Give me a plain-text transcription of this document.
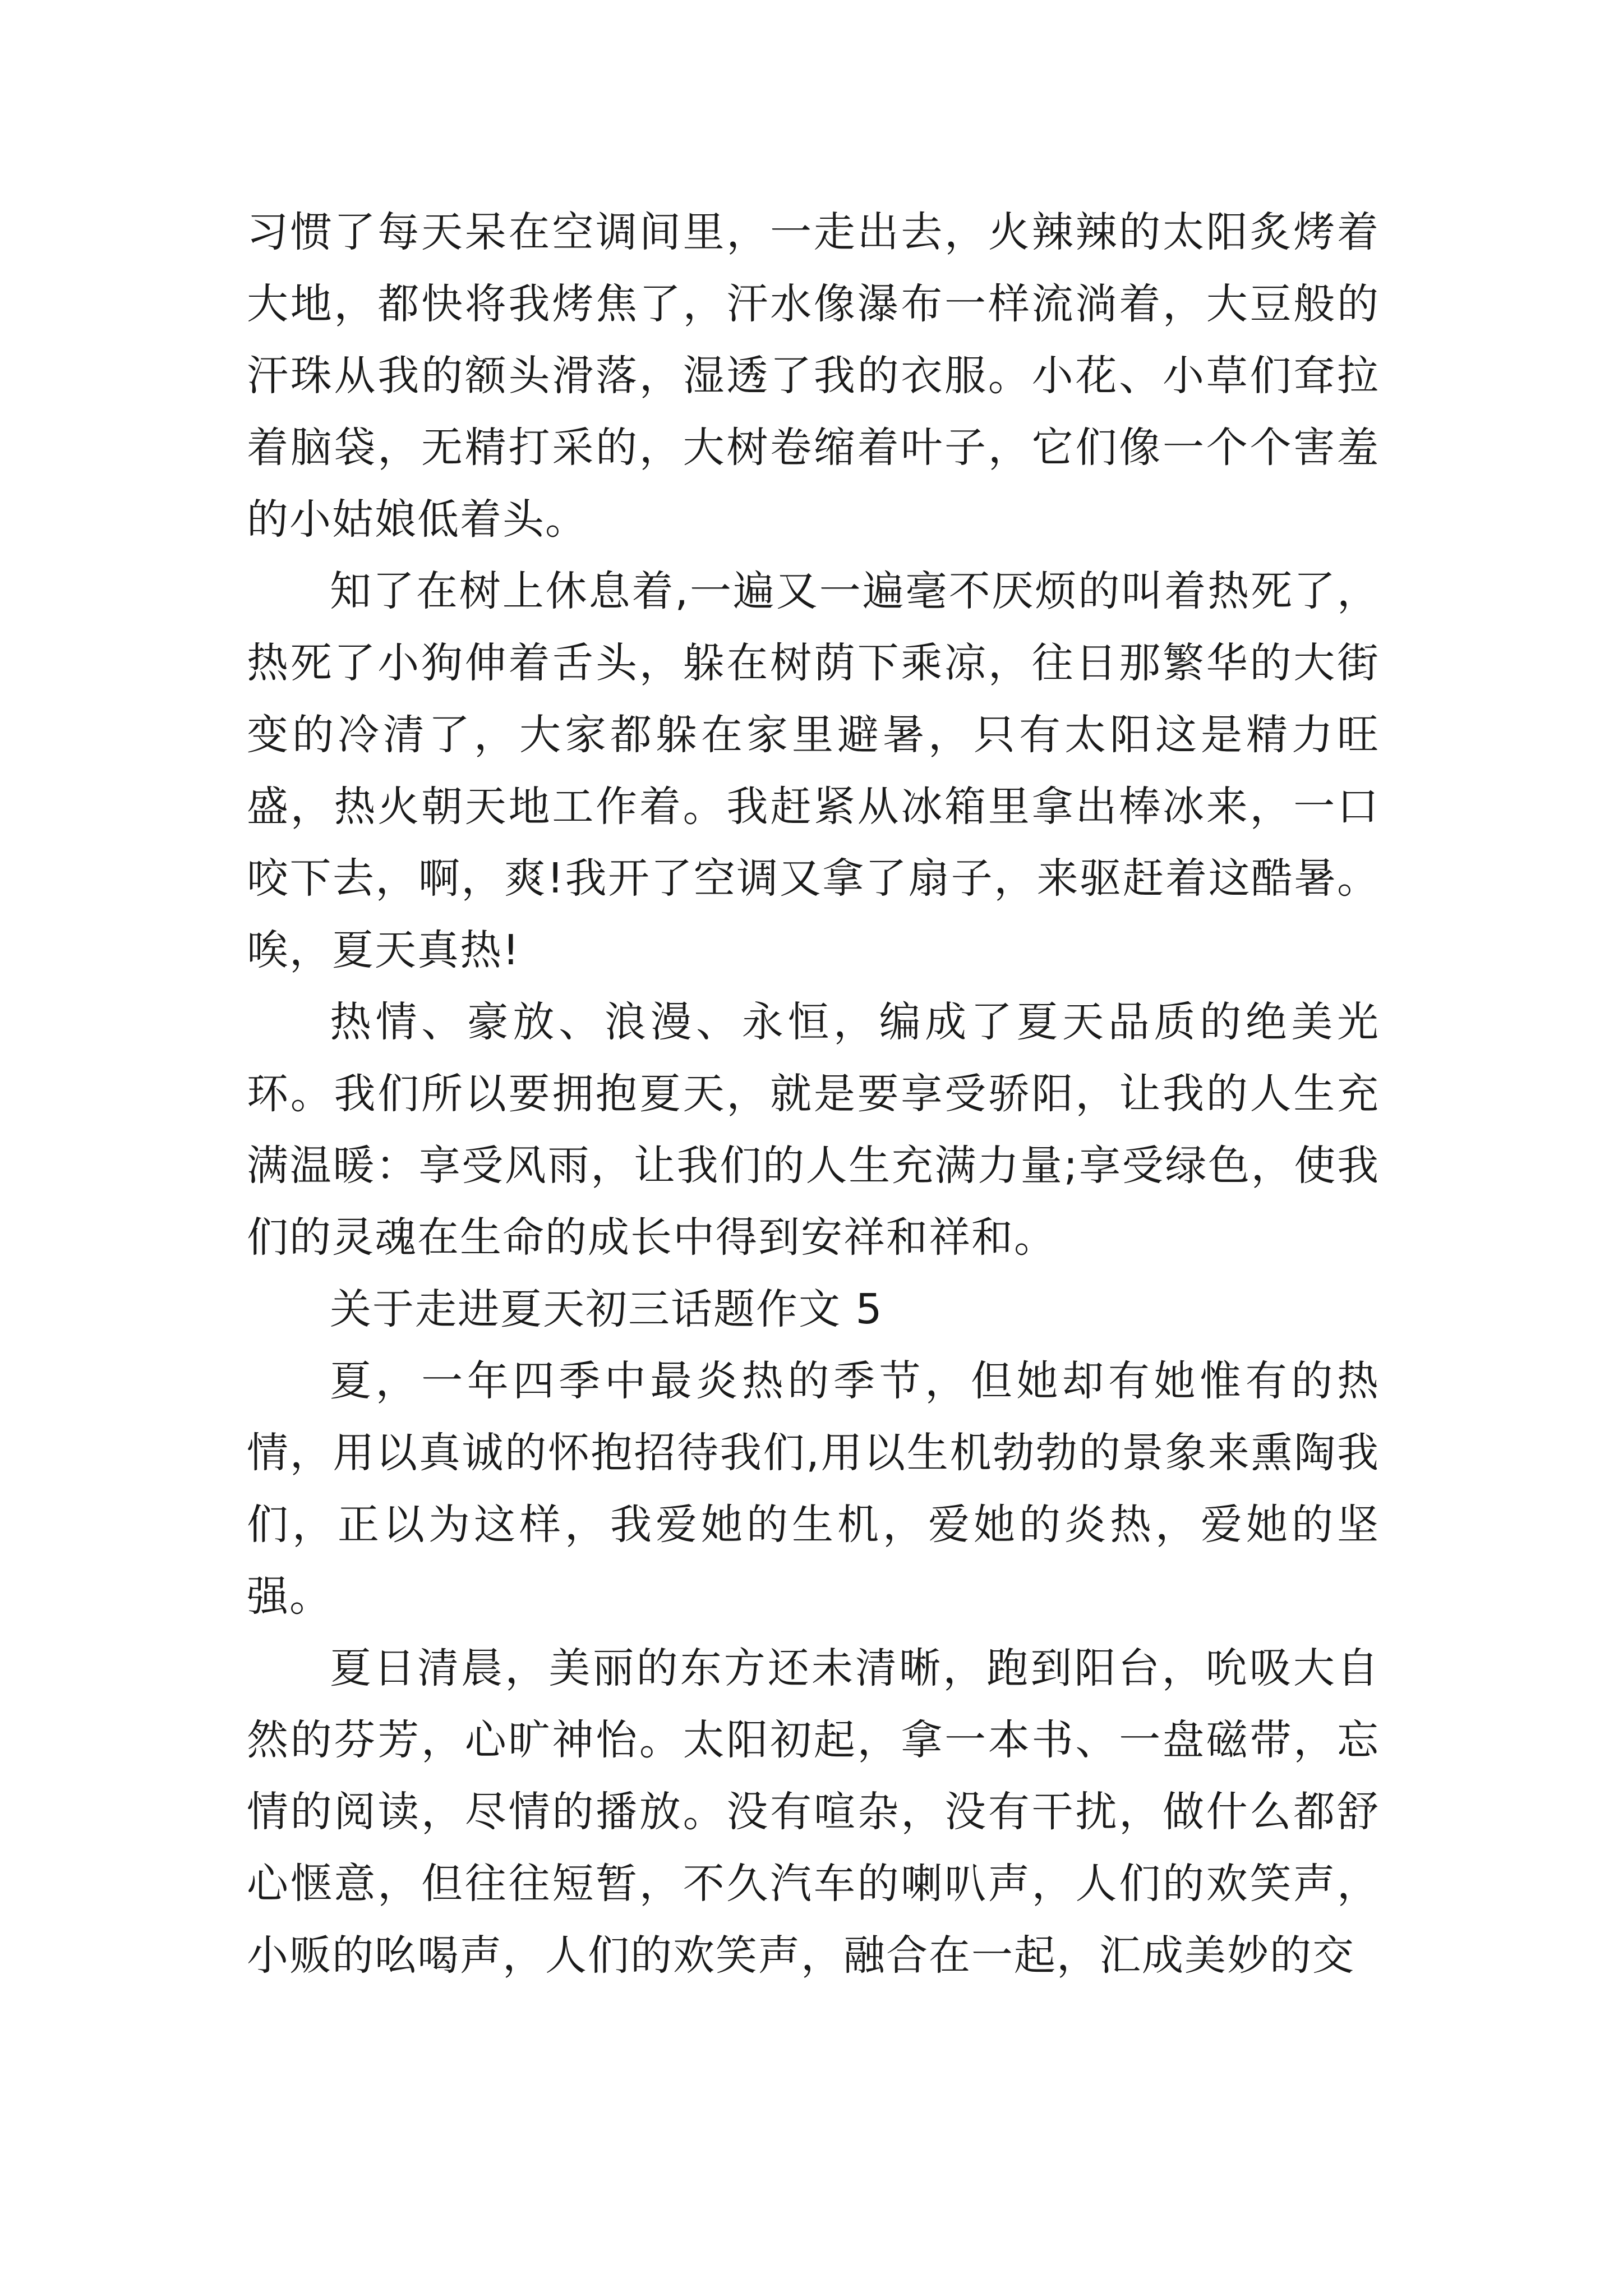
习惯了每天呆在空调间里，一走出去，火辣辣的太阳炙烤着大地，都快将我烤焦了，汗水像瀑布一样流淌着，大豆般的汗珠从我的额头滑落，湿透了我的衣服。小花、小草们耷拉着脑袋，无精打采的，大树卷缩着叶子，它们像一个个害羞的小姑娘低着头。

知了在树上休息着,一遍又一遍毫不厌烦的叫着热死了，热死了小狗伸着舌头，躲在树荫下乘凉，往日那繁华的大街变的冷清了，大家都躲在家里避暑，只有太阳这是精力旺盛，热火朝天地工作着。我赶紧从冰箱里拿出棒冰来，一口咬下去，啊，爽!我开了空调又拿了扇子，来驱赶着这酷暑。唉，夏天真热!

热情、豪放、浪漫、永恒，编成了夏天品质的绝美光环。我们所以要拥抱夏天，就是要享受骄阳，让我的人生充满温暖：享受风雨，让我们的人生充满力量;享受绿色，使我们的灵魂在生命的成长中得到安祥和祥和。

关于走进夏天初三话题作文 5

夏，一年四季中最炎热的季节，但她却有她惟有的热情，用以真诚的怀抱招待我们,用以生机勃勃的景象来熏陶我们，正以为这样，我爱她的生机，爱她的炎热，爱她的坚强。

夏日清晨，美丽的东方还未清晰，跑到阳台，吮吸大自然的芬芳，心旷神怡。太阳初起，拿一本书、一盘磁带，忘情的阅读，尽情的播放。没有喧杂，没有干扰，做什么都舒心惬意，但往往短暂，不久汽车的喇叭声，人们的欢笑声，小贩的吆喝声，人们的欢笑声，融合在一起，汇成美妙的交
